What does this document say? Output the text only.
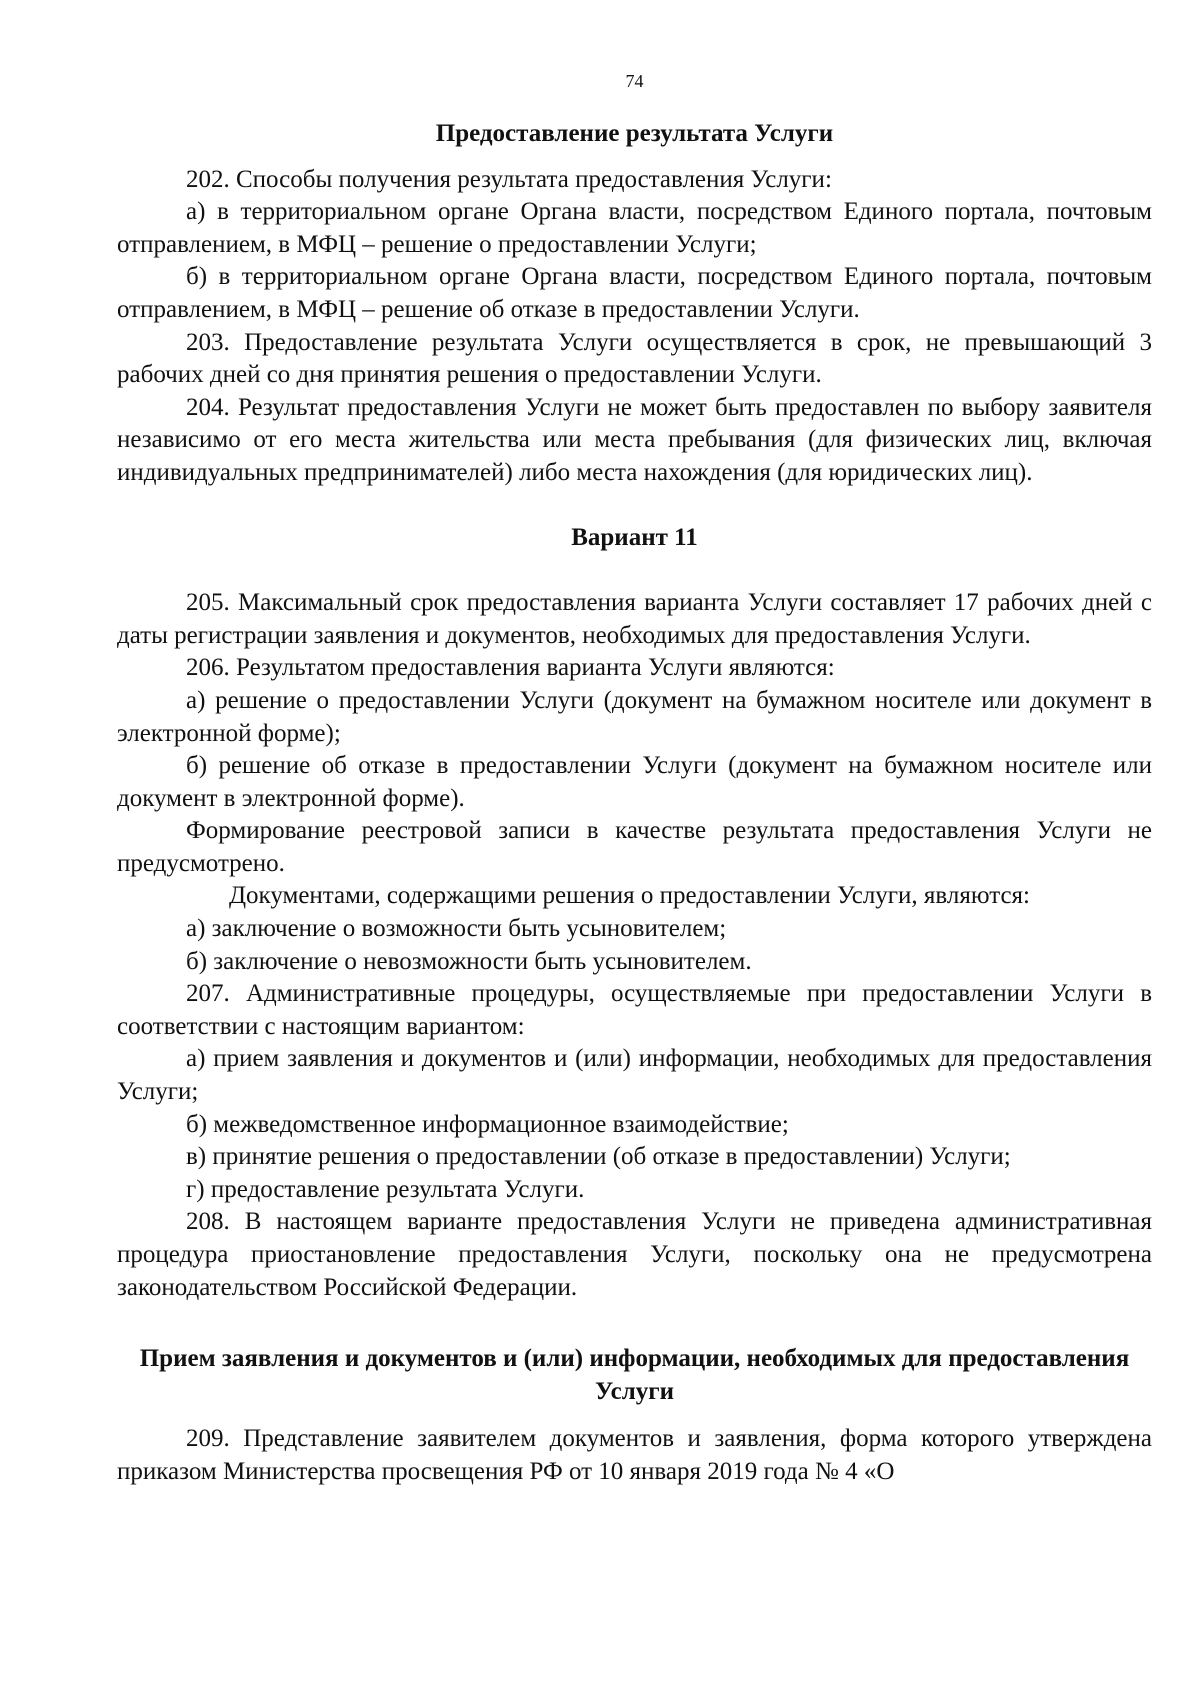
74
Предоставление результата Услуги

202. Способы получения результата предоставления Услуги:

а) в территориальном органе Органа власти, посредством Единого портала, почтовым отправлением, в МФЦ – решение о предоставлении Услуги;

б) в территориальном органе Органа власти, посредством Единого портала, почтовым отправлением, в МФЦ – решение об отказе в предоставлении Услуги.

203. Предоставление результата Услуги осуществляется в срок, не превышающий 3 рабочих дней со дня принятия решения о предоставлении Услуги.

204. Результат предоставления Услуги не может быть предоставлен по выбору заявителя независимо от его места жительства или места пребывания (для физических лиц, включая индивидуальных предпринимателей) либо места нахождения (для юридических лиц).

Вариант 11

205. Максимальный срок предоставления варианта Услуги составляет 17 рабочих дней с даты регистрации заявления и документов, необходимых для предоставления Услуги.

206. Результатом предоставления варианта Услуги являются:

а) решение о предоставлении Услуги (документ на бумажном носителе или документ в электронной форме);

б) решение об отказе в предоставлении Услуги (документ на бумажном носителе или документ в электронной форме).

Формирование реестровой записи в качестве результата предоставления Услуги не предусмотрено.

Документами, содержащими решения о предоставлении Услуги, являются:

а) заключение о возможности быть усыновителем;

б) заключение о невозможности быть усыновителем.

207. Административные процедуры, осуществляемые при предоставлении Услуги в соответствии с настоящим вариантом:

а) прием заявления и документов и (или) информации, необходимых для предоставления Услуги;

б) межведомственное информационное взаимодействие;

в) принятие решения о предоставлении (об отказе в предоставлении) Услуги;

г) предоставление результата Услуги.

208. В настоящем варианте предоставления Услуги не приведена административная процедура приостановление предоставления Услуги, поскольку она не предусмотрена законодательством Российской Федерации.

Прием заявления и документов и (или) информации, необходимых для предоставления Услуги

209. Представление заявителем документов и заявления, форма которого утверждена приказом Министерства просвещения РФ от 10 января 2019 года № 4 «О
